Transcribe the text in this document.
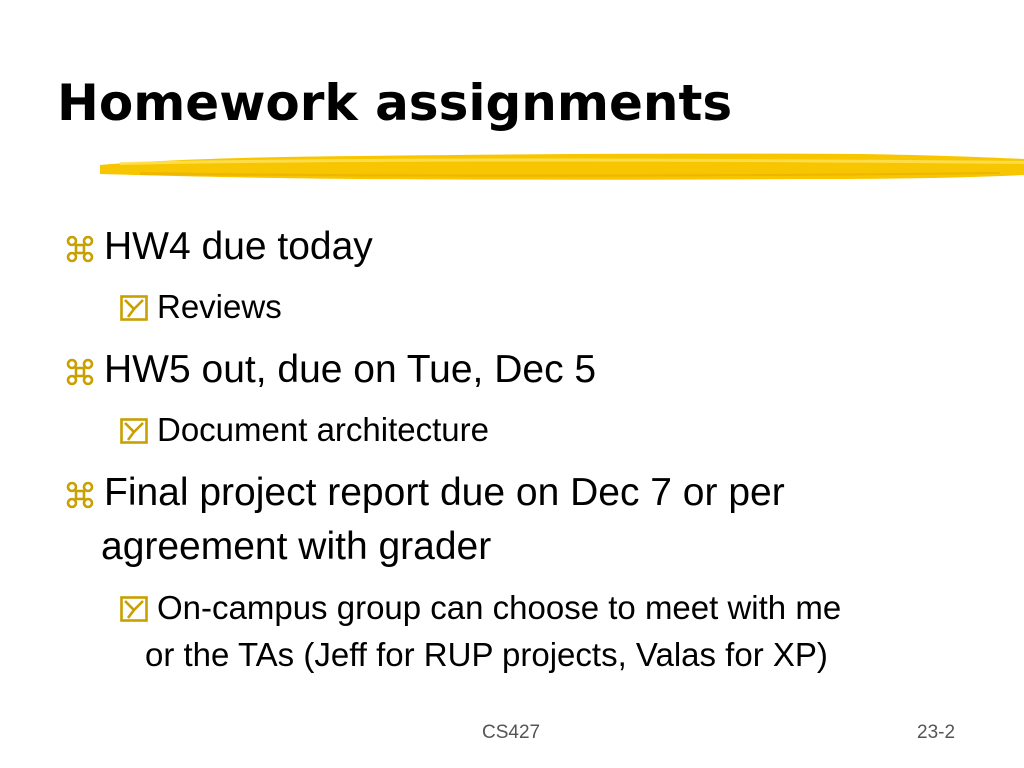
Homework assignments
HW4 due today
Reviews
HW5 out, due on Tue, Dec 5
Document architecture
Final project report due on Dec 7 or per
agreement with grader
On-campus group can choose to meet with me
or the TAs (Jeff for RUP projects, Valas for XP)
CS427	23-2
